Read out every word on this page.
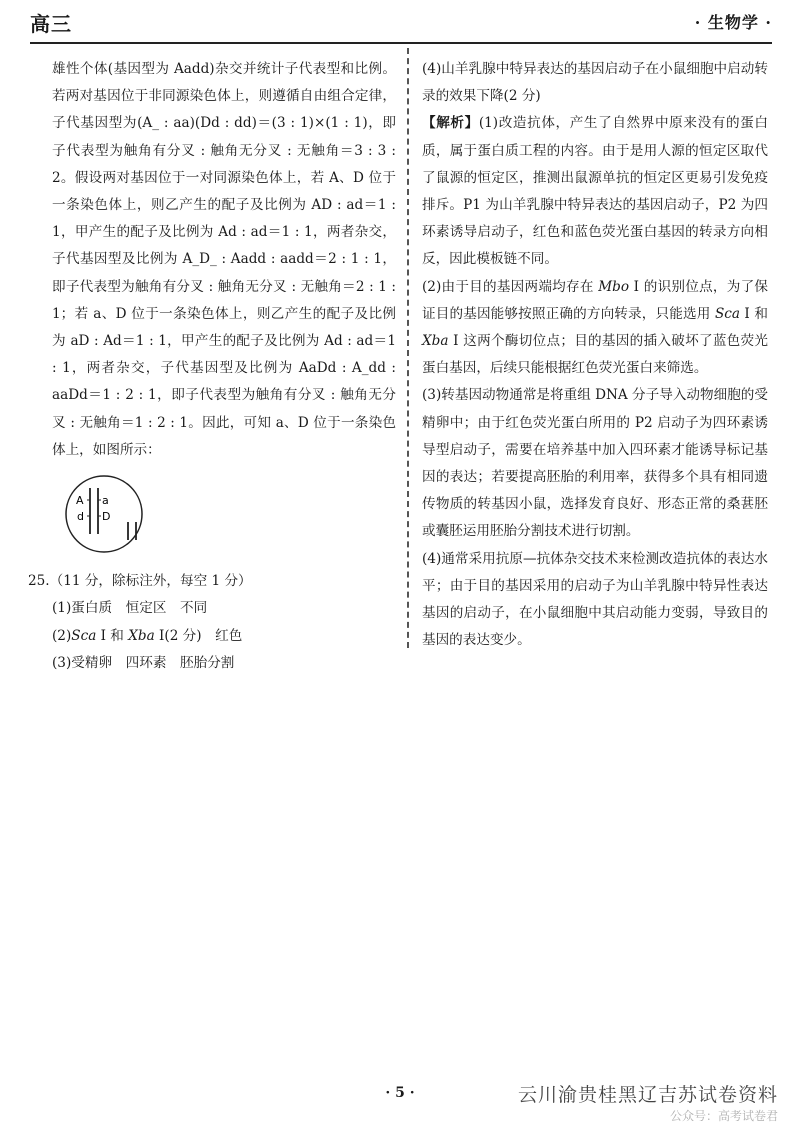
高三	· 生物学 ·

雄性个体(基因型为 Aadd)杂交并统计子代表型和比例。若两对基因位于非同源染色体上，则遵循自由组合定律，子代基因型为(A_ : aa)(Dd : dd)＝(3 : 1)×(1 : 1)，即子代表型为触角有分叉 : 触角无分叉 : 无触角＝3 : 3 : 2。假设两对基因位于一对同源染色体上，若 A、D 位于一条染色体上，则乙产生的配子及比例为 AD : ad＝1 : 1，甲产生的配子及比例为 Ad : ad＝1 : 1，两者杂交，子代基因型及比例为 A_D_ : Aadd : aadd＝2 : 1 : 1，即子代表型为触角有分叉 : 触角无分叉 : 无触角＝2 : 1 : 1；若 a、D 位于一条染色体上，则乙产生的配子及比例为 aD : Ad＝1 : 1，甲产生的配子及比例为 Ad : ad＝1 : 1，两者杂交，子代基因型及比例为 AaDd : A_dd : aaDd＝1 : 2 : 1，即子代表型为触角有分叉 : 触角无分叉 : 无触角＝1 : 2 : 1。因此，可知 a、D 位于一条染色体上，如图所示：

A
d
a
D

25.（11 分，除标注外，每空 1 分）

(1)蛋白质　恒定区　不同

(2)Sca Ⅰ 和 Xba Ⅰ(2 分)　红色

(3)受精卵　四环素　胚胎分割

(4)山羊乳腺中特异表达的基因启动子在小鼠细胞中启动转录的效果下降(2 分)

【解析】(1)改造抗体，产生了自然界中原来没有的蛋白质，属于蛋白质工程的内容。由于是用人源的恒定区取代了鼠源的恒定区，推测出鼠源单抗的恒定区更易引发免疫排斥。P1 为山羊乳腺中特异表达的基因启动子，P2 为四环素诱导启动子，红色和蓝色荧光蛋白基因的转录方向相反，因此模板链不同。

(2)由于目的基因两端均存在 Mbo Ⅰ 的识别位点，为了保证目的基因能够按照正确的方向转录，只能选用 Sca Ⅰ 和 Xba Ⅰ 这两个酶切位点；目的基因的插入破坏了蓝色荧光蛋白基因，后续只能根据红色荧光蛋白来筛选。

(3)转基因动物通常是将重组 DNA 分子导入动物细胞的受精卵中；由于红色荧光蛋白所用的 P2 启动子为四环素诱导型启动子，需要在培养基中加入四环素才能诱导标记基因的表达；若要提高胚胎的利用率，获得多个具有相同遗传物质的转基因小鼠，选择发育良好、形态正常的桑葚胚或囊胚运用胚胎分割技术进行切割。

(4)通常采用抗原—抗体杂交技术来检测改造抗体的表达水平；由于目的基因采用的启动子为山羊乳腺中特异性表达基因的启动子，在小鼠细胞中其启动能力变弱，导致目的基因的表达变少。

· 5 ·	云川渝贵桂黑辽吉苏试卷资料
公众号：高考试卷君
